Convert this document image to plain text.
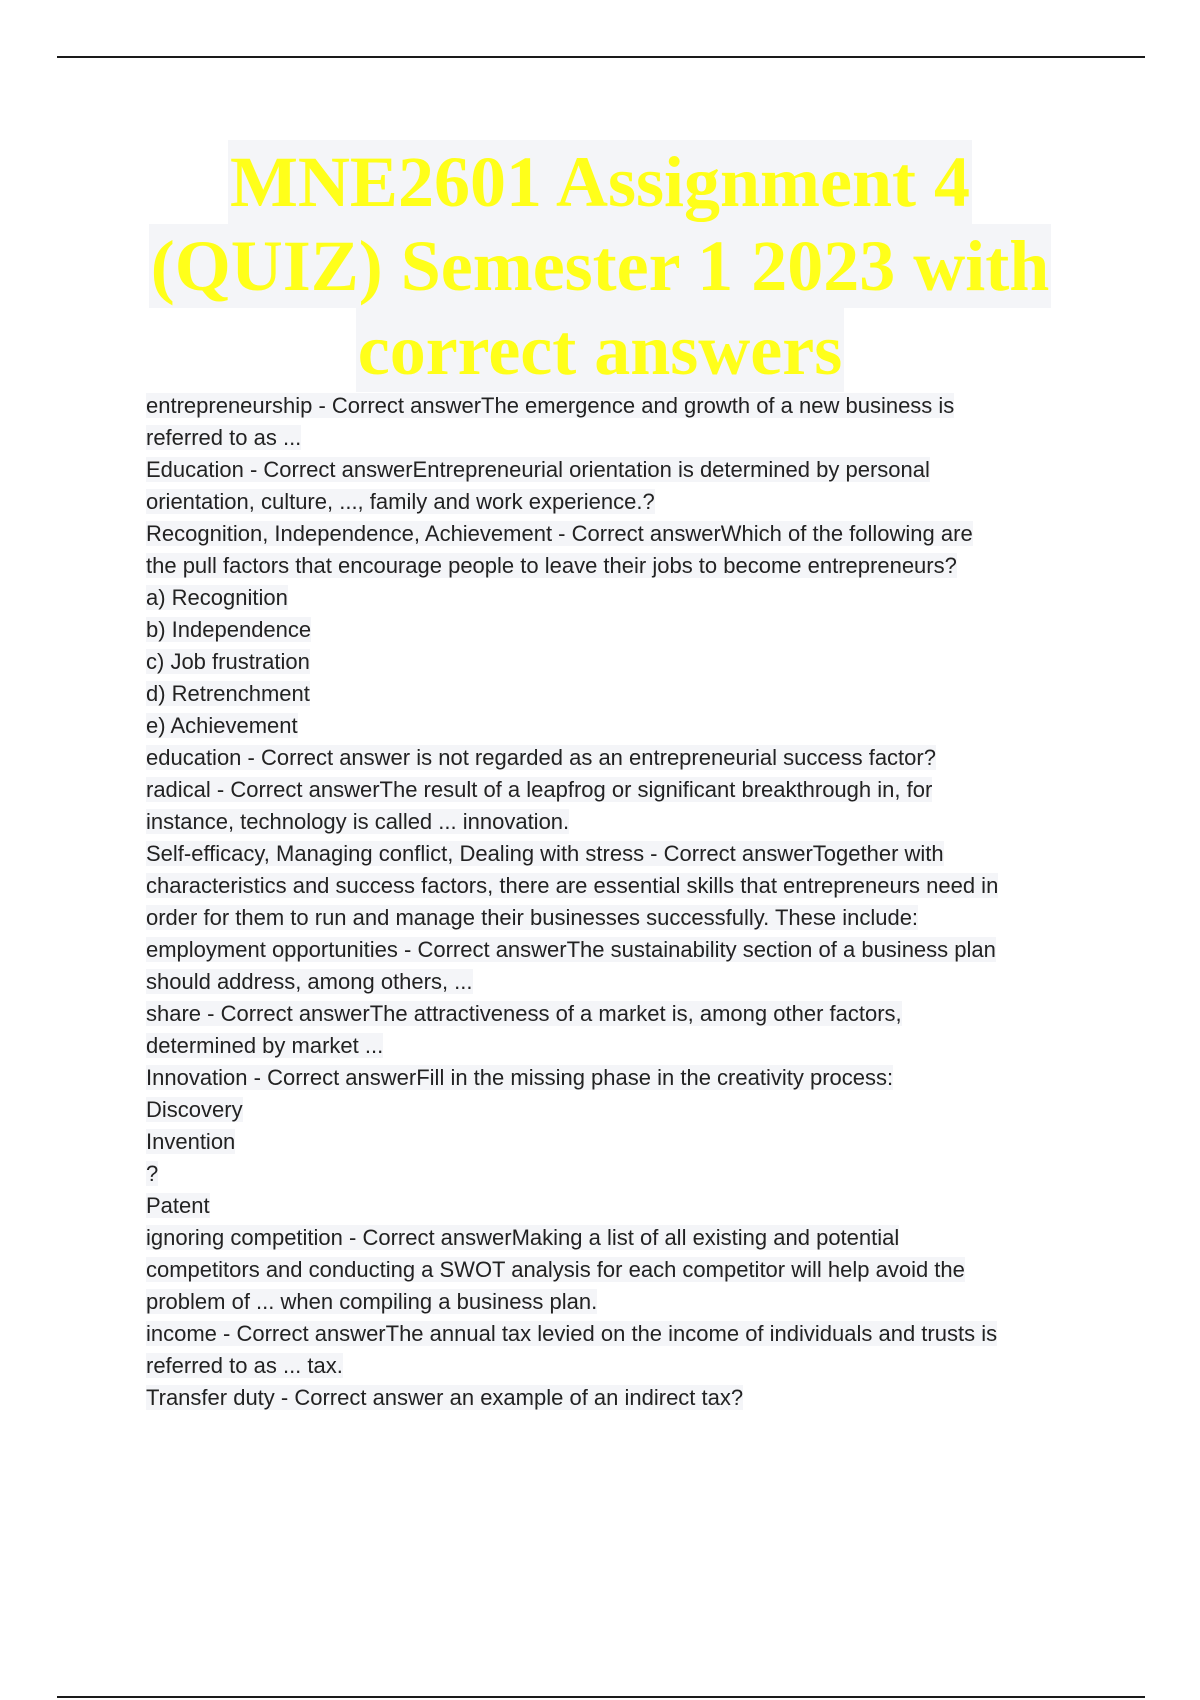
MNE2601 Assignment 4
(QUIZ) Semester 1 2023 with
correct answers
entrepreneurship - Correct answerThe emergence and growth of a new business is
referred to as ...
Education - Correct answerEntrepreneurial orientation is determined by personal
orientation, culture, ..., family and work experience.?
Recognition, Independence, Achievement - Correct answerWhich of the following are
the pull factors that encourage people to leave their jobs to become entrepreneurs?
a) Recognition
b) Independence
c) Job frustration
d) Retrenchment
e) Achievement
education - Correct answer is not regarded as an entrepreneurial success factor?
radical - Correct answerThe result of a leapfrog or significant breakthrough in, for
instance, technology is called ... innovation.
Self-efficacy, Managing conflict, Dealing with stress - Correct answerTogether with
characteristics and success factors, there are essential skills that entrepreneurs need in
order for them to run and manage their businesses successfully. These include:
employment opportunities - Correct answerThe sustainability section of a business plan
should address, among others, ...
share - Correct answerThe attractiveness of a market is, among other factors,
determined by market ...
Innovation - Correct answerFill in the missing phase in the creativity process:
Discovery
Invention
?
Patent
ignoring competition - Correct answerMaking a list of all existing and potential
competitors and conducting a SWOT analysis for each competitor will help avoid the
problem of ... when compiling a business plan.
income - Correct answerThe annual tax levied on the income of individuals and trusts is
referred to as ... tax.
Transfer duty - Correct answer an example of an indirect tax?
